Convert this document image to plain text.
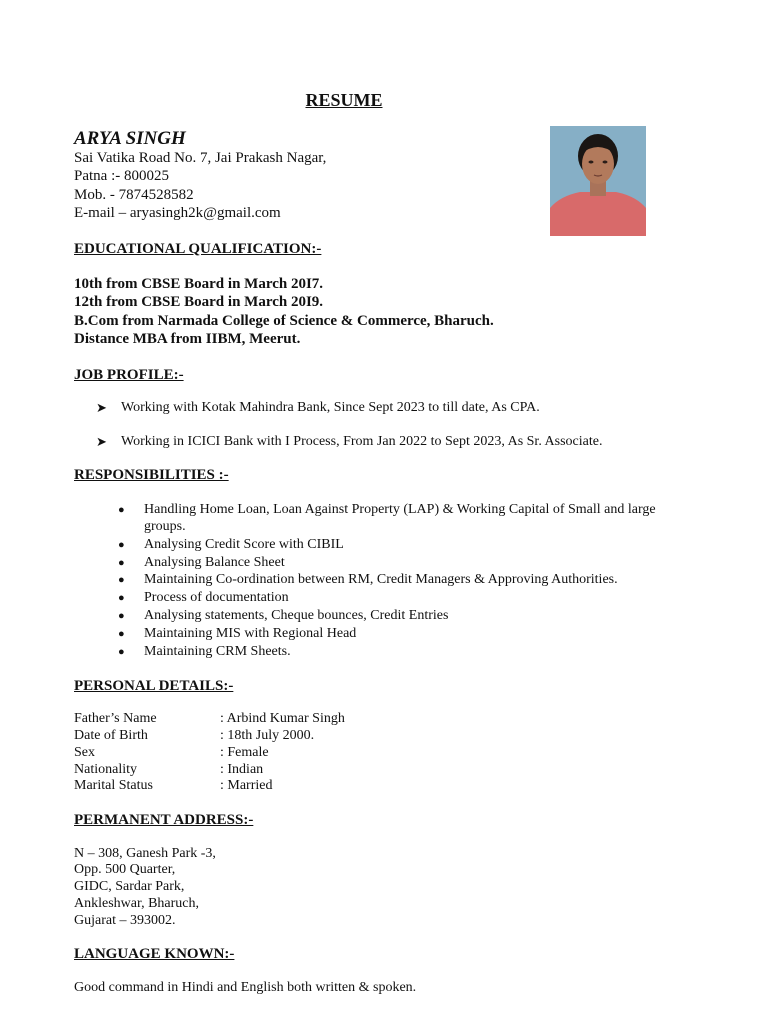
RESUME
ARYA SINGH
Sai Vatika Road No. 7, Jai Prakash Nagar,
Patna :- 800025
Mob. - 7874528582
E-mail – aryasingh2k@gmail.com
EDUCATIONAL QUALIFICATION:-
10th from CBSE Board in March 20I7.
12th from CBSE Board in March 20I9.
B.Com from Narmada College of Science & Commerce, Bharuch.
Distance MBA from IIBM, Meerut.
JOB PROFILE:-
➤ Working with Kotak Mahindra Bank, Since Sept 2023 to till date, As CPA.
➤ Working in ICICI Bank with I Process, From Jan 2022 to Sept 2023, As Sr. Associate.
RESPONSIBILITIES :-
● Handling Home Loan, Loan Against Property (LAP) & Working Capital of Small and large
groups.
● Analysing Credit Score with CIBIL
● Analysing Balance Sheet
● Maintaining Co-ordination between RM, Credit Managers & Approving Authorities.
● Process of documentation
● Analysing statements, Cheque bounces, Credit Entries
● Maintaining MIS with Regional Head
● Maintaining CRM Sheets.
PERSONAL DETAILS:-
Father’s Name	: Arbind Kumar Singh
Date of Birth	: 18th July 2000.
Sex	: Female
Nationality	: Indian
Marital Status	: Married
PERMANENT ADDRESS:-
N – 308, Ganesh Park -3,
Opp. 500 Quarter,
GIDC, Sardar Park,
Ankleshwar, Bharuch,
Gujarat – 393002.
LANGUAGE KNOWN:-
Good command in Hindi and English both written & spoken.
